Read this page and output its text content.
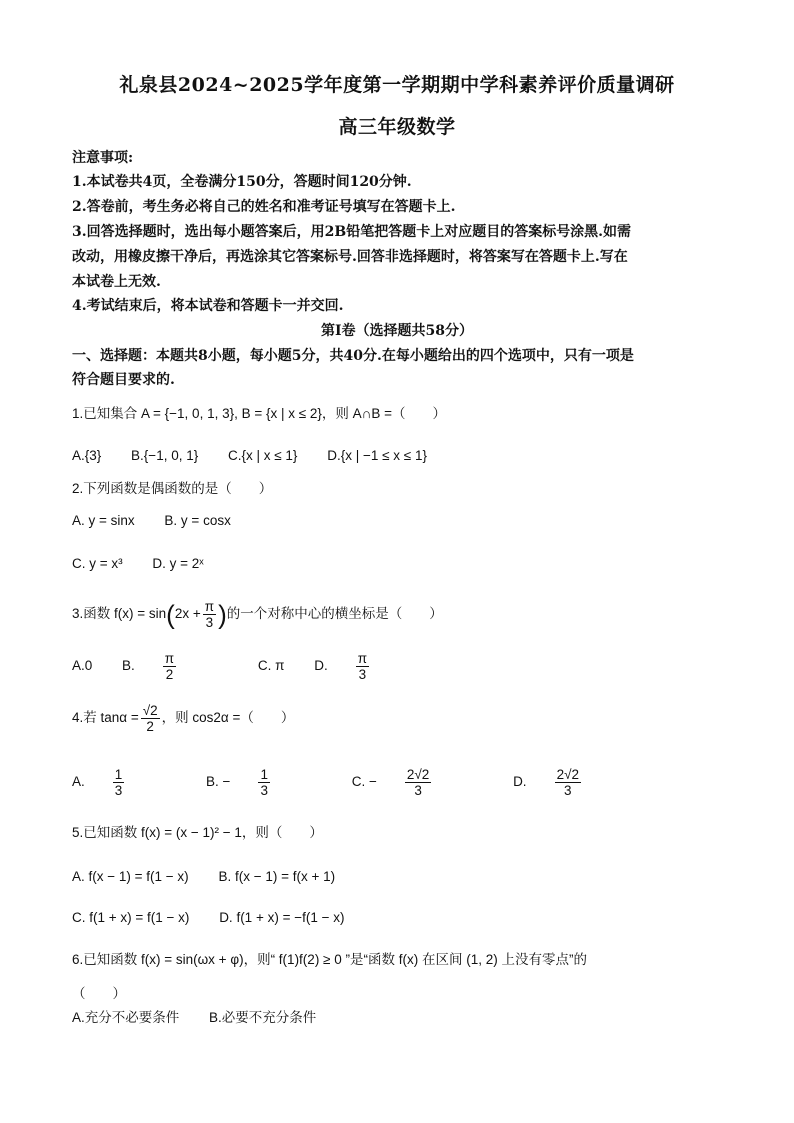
礼泉县2024~2025学年度第一学期期中学科素养评价质量调研
高三年级数学
注意事项:
1.本试卷共4页，全卷满分150分，答题时间120分钟.
2.答卷前，考生务必将自己的姓名和准考证号填写在答题卡上.
3.回答选择题时，选出每小题答案后，用2B铅笔把答题卡上对应题目的答案标号涂黑.如需
改动，用橡皮擦干净后，再选涂其它答案标号.回答非选择题时，将答案写在答题卡上.写在
本试卷上无效.
4.考试结束后，将本试卷和答题卡一并交回.
第Ⅰ卷（选择题共58分）
一、选择题：本题共8小题，每小题5分，共40分.在每小题给出的四个选项中，只有一项是
符合题目要求的.
1.已知集合 A = {−1, 0, 1, 3}, B = {x | x ≤ 2}，则 A∩B =（　　）
A.{3} B.{−1, 0, 1} C.{x | x ≤ 1} D.{x | −1 ≤ x ≤ 1}
2.下列函数是偶函数的是（　　）
A. y = sinx B. y = cosx
C. y = x³ D. y = 2ˣ
3.函数 $f(x) = \sin(2x + \frac{\pi}{3}$ )的一个对称中心的横坐标是（　　）
A.0 B. $\frac{\pi}{2}$	C. π D. $\frac{\pi}{3}$
4.若 $\tan\alpha = \frac{√2}{2}$ ，则 cos2α =（　　）
A. $\frac{1}{3}$	B. − $\frac{1}{3}$	C. − $\frac{2√2}{3}$	D. $\frac{2√2}{3}$
5.已知函数 f(x) = (x − 1)² − 1，则（　　）
A. f(x − 1) = f(1 − x) B. f(x − 1) = f(x + 1)
C. f(1 + x) = f(1 − x) D. f(1 + x) = −f(1 − x)
6.已知函数 f(x) = sin(ωx + φ)，则“ f(1)f(2) ≥ 0 ”是“函数 f(x) 在区间 (1, 2) 上没有零点”的
（　　）
A.充分不必要条件 B.必要不充分条件
